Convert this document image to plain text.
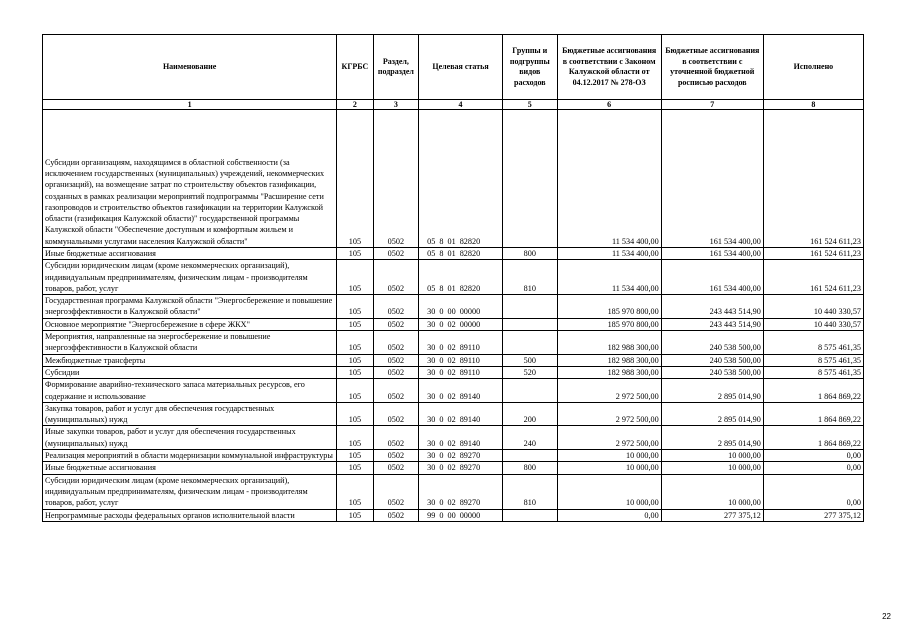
Наименование	КГРБС	Раздел, подраздел	Целевая статья	Группы и подгруппы видов расходов	Бюджетные ассигнования в соответствии с Законом Калужской области от 04.12.2017 № 278-ОЗ	Бюджетные ассигнования в соответствии с уточненной бюджетной росписью расходов	Исполнено
1	2	3	4	5	6	7	8
Субсидии организациям, находящимся в областной собственности (за исключением государственных (муниципальных) учреждений, некоммерческих организаций), на возмещение затрат по строительству объектов газификации, созданных в рамках реализации мероприятий подпрограммы "Расширение сети газопроводов и строительство объектов газификации на территории Калужской области (газификация Калужской области)" государственной программы Калужской области "Обеспечение доступным и комфортным жильем и коммунальными услугами населения Калужской области"	105	0502	05 8 01 82820		11 534 400,00	161 534 400,00	161 524 611,23
Иные бюджетные ассигнования	105	0502	05 8 01 82820	800	11 534 400,00	161 534 400,00	161 524 611,23
Субсидии юридическим лицам (кроме некоммерческих организаций), индивидуальным предпринимателям, физическим лицам - производителям товаров, работ, услуг	105	0502	05 8 01 82820	810	11 534 400,00	161 534 400,00	161 524 611,23
Государственная программа Калужской области "Энергосбережение и повышение энергоэффективности в Калужской области"	105	0502	30 0 00 00000		185 970 800,00	243 443 514,90	10 440 330,57
Основное мероприятие "Энергосбережение в сфере ЖКХ"	105	0502	30 0 02 00000		185 970 800,00	243 443 514,90	10 440 330,57
Мероприятия, направленные на энергосбережение и повышение энергоэффективности в Калужской области	105	0502	30 0 02 89110		182 988 300,00	240 538 500,00	8 575 461,35
Межбюджетные трансферты	105	0502	30 0 02 89110	500	182 988 300,00	240 538 500,00	8 575 461,35
Субсидии	105	0502	30 0 02 89110	520	182 988 300,00	240 538 500,00	8 575 461,35
Формирование аварийно-технического запаса материальных ресурсов, его содержание и использование	105	0502	30 0 02 89140		2 972 500,00	2 895 014,90	1 864 869,22
Закупка товаров, работ и услуг для обеспечения государственных (муниципальных) нужд	105	0502	30 0 02 89140	200	2 972 500,00	2 895 014,90	1 864 869,22
Иные закупки товаров, работ и услуг для обеспечения государственных (муниципальных) нужд	105	0502	30 0 02 89140	240	2 972 500,00	2 895 014,90	1 864 869,22
Реализация мероприятий в области модернизации коммунальной инфраструктуры	105	0502	30 0 02 89270		10 000,00	10 000,00	0,00
Иные бюджетные ассигнования	105	0502	30 0 02 89270	800	10 000,00	10 000,00	0,00
Субсидии юридическим лицам (кроме некоммерческих организаций), индивидуальным предпринимателям, физическим лицам - производителям товаров, работ, услуг	105	0502	30 0 02 89270	810	10 000,00	10 000,00	0,00
Непрограммные расходы федеральных органов исполнительной власти	105	0502	99 0 00 00000		0,00	277 375,12	277 375,12
22
